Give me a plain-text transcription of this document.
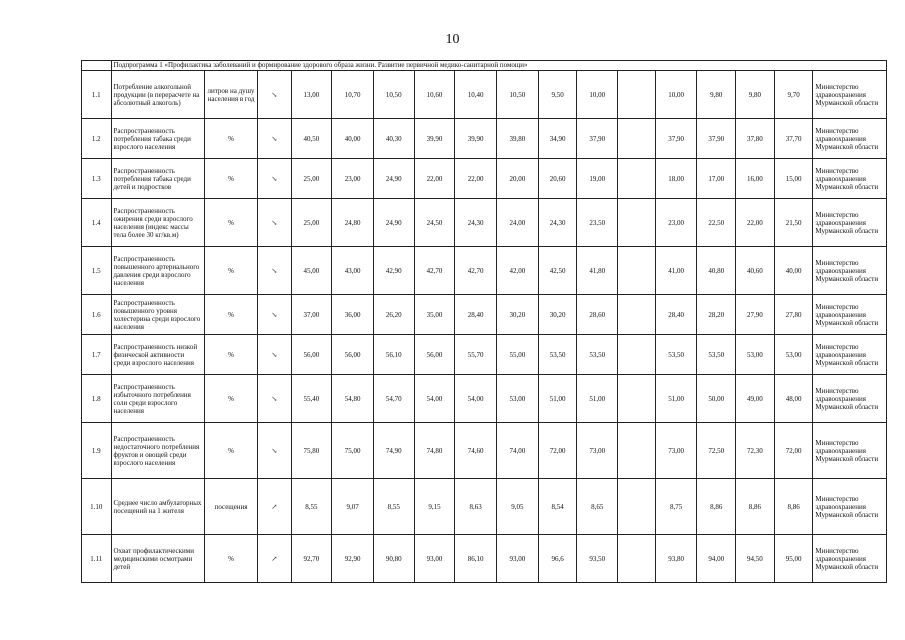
10
	Подпрограмма 1 «Профилактика заболеваний и формирование здорового образа жизни. Развитие первичной медико-санитарной помощи»																
1.1	Потребление алкогольной продукции (в перерасчете на абсолютный алкоголь)	литров на душу населения в год	↘	13,00	10,70	10,50	10,60	10,40	10,50	9,50	10,00		10,00	9,80	9,80	9,70	Министерство здравоохранения Мурманской области
1.2	Распространенность потребления табака среди взрослого населения	%	↘	40,50	40,00	40,30	39,90	39,90	39,80	34,90	37,90		37,90	37,90	37,80	37,70	Министерство здравоохранения Мурманской области
1.3	Распространенность потребления табака среди детей и подростков	%	↘	25,00	23,00	24,90	22,00	22,00	20,00	20,60	19,00		18,00	17,00	16,00	15,00	Министерство здравоохранения Мурманской области
1.4	Распространенность ожирения среди взрослого населения (индекс массы тела более 30 кг/кв.м)	%	↘	25,00	24,80	24,90	24,50	24,30	24,00	24,30	23,50		23,00	22,50	22,00	21,50	Министерство здравоохранения Мурманской области
1.5	Распространенность повышенного артериального давления среди взрослого населения	%	↘	45,00	43,00	42,90	42,70	42,70	42,00	42,50	41,80		41,00	40,80	40,60	40,00	Министерство здравоохранения Мурманской области
1.6	Распространенность повышенного уровня холестерина среди взрослого населения	%	↘	37,00	36,00	26,20	35,00	28,40	30,20	30,20	28,60		28,40	28,20	27,90	27,80	Министерство здравоохранения Мурманской области
1.7	Распространенность низкой физической активности среди взрослого населения	%	↘	56,00	56,00	56,10	56,00	55,70	55,00	53,50	53,50		53,50	53,50	53,00	53,00	Министерство здравоохранения Мурманской области
1.8	Распространенность избыточного потребления соли среди взрослого населения	%	↘	55,40	54,80	54,70	54,00	54,00	53,00	51,00	51,00		51,00	50,00	49,00	48,00	Министерство здравоохранения Мурманской области
1.9	Распространенность недостаточного потребления фруктов и овощей среди взрослого населения	%	↘	75,80	75,00	74,90	74,80	74,60	74,00	72,00	73,00		73,00	72,50	72,30	72,00	Министерство здравоохранения Мурманской области
1.10	Среднее число амбулаторных посещений на 1 жителя	посещения	↗	8,55	9,07	8,55	9,15	8,63	9,05	8,54	8,65		8,75	8,86	8,86	8,86	Министерство здравоохранения Мурманской области
1.11	Охват профилактическими медицинскими осмотрами детей	%	↗	92,70	92,90	90,80	93,00	86,10	93,00	96,6	93,50		93,80	94,00	94,50	95,00	Министерство здравоохранения Мурманской области
